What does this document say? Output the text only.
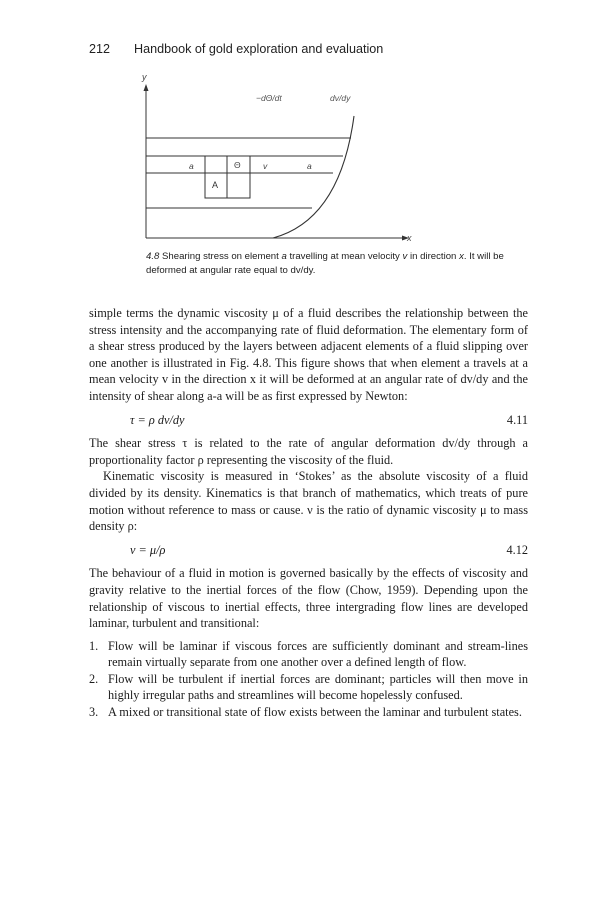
212 Handbook of gold exploration and evaluation
y
x
−dΘ/dt	dv/dy
a	Θ	v	a
A
4.8 Shearing stress on element a travelling at mean velocity v in direction x. It will be deformed at angular rate equal to dv/dy.

simple terms the dynamic viscosity μ of a fluid describes the relationship between the stress intensity and the accompanying rate of fluid deformation. The elementary form of a shear stress produced by the layers between adjacent elements of a fluid slipping over one another is illustrated in Fig. 4.8. This figure shows that when element a travels at a mean velocity v in the direction x it will be deformed at an angular rate of dv/dy and the intensity of shear along a-a will be as first expressed by Newton:

τ = ρ dv/dy	4.11

The shear stress τ is related to the rate of angular deformation dv/dy through a proportionality factor ρ representing the viscosity of the fluid.

Kinematic viscosity is measured in ‘Stokes’ as the absolute viscosity of a fluid divided by its density. Kinematics is that branch of mathematics, which treats of pure motion without reference to mass or cause. ν is the ratio of dynamic viscosity μ to mass density ρ:

ν = μ/ρ	4.12

The behaviour of a fluid in motion is governed basically by the effects of viscosity and gravity relative to the inertial forces of the flow (Chow, 1959). Depending upon the relationship of viscous to inertial effects, three intergrading flow lines are developed laminar, turbulent and transitional:

1. Flow will be laminar if viscous forces are sufficiently dominant and stream-lines remain virtually separate from one another over a defined length of flow.
2. Flow will be turbulent if inertial forces are dominant; particles will then move in highly irregular paths and streamlines will become hopelessly confused.
3. A mixed or transitional state of flow exists between the laminar and turbulent states.
